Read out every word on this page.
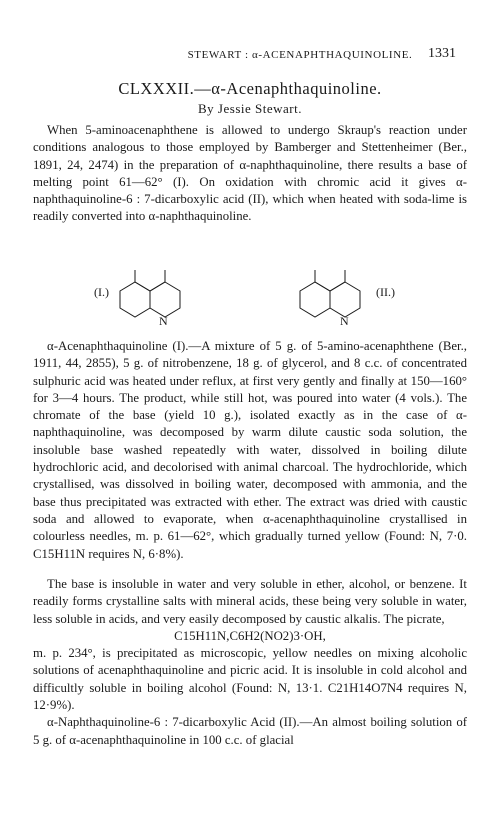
STEWART : α-ACENAPHTHAQUINOLINE.	1331
CLXXXII.—α-Acenaphthaquinoline.
By Jessie Stewart.

When 5-aminoacenaphthene is allowed to undergo Skraup's reaction under conditions analogous to those employed by Bamberger and Stettenheimer (Ber., 1891, 24, 2474) in the preparation of α-naphthaquinoline, there results a base of melting point 61—62° (I). On oxidation with chromic acid it gives α-naphthaquinoline-6 : 7-dicarboxylic acid (II), which when heated with soda-lime is readily converted into α-naphthaquinoline.

(I.)
N
(II.)
N

α-Acenaphthaquinoline (I).—A mixture of 5 g. of 5-amino-acenaphthene (Ber., 1911, 44, 2855), 5 g. of nitrobenzene, 18 g. of glycerol, and 8 c.c. of concentrated sulphuric acid was heated under reflux, at first very gently and finally at 150—160° for 3—4 hours. The product, while still hot, was poured into water (4 vols.). The chromate of the base (yield 10 g.), isolated exactly as in the case of α-naphthaquinoline, was decomposed by warm dilute caustic soda solution, the insoluble base washed repeatedly with water, dissolved in boiling dilute hydrochloric acid, and decolorised with animal charcoal. The hydrochloride, which crystallised, was dissolved in boiling water, decomposed with ammonia, and the base thus precipitated was extracted with ether. The extract was dried with caustic soda and allowed to evaporate, when α-acenaphthaquinoline crystallised in colourless needles, m. p. 61—62°, which gradually turned yellow (Found: N, 7·0. C15H11N requires N, 6·8%).

The base is insoluble in water and very soluble in ether, alcohol, or benzene. It readily forms crystalline salts with mineral acids, these being very soluble in water, less soluble in acids, and very easily decomposed by caustic alkalis. The picrate,

C15H11N,C6H2(NO2)3·OH,

m. p. 234°, is precipitated as microscopic, yellow needles on mixing alcoholic solutions of acenaphthaquinoline and picric acid. It is insoluble in cold alcohol and difficultly soluble in boiling alcohol (Found: N, 13·1. C21H14O7N4 requires N, 12·9%).

α-Naphthaquinoline-6 : 7-dicarboxylic Acid (II).—An almost boiling solution of 5 g. of α-acenaphthaquinoline in 100 c.c. of glacial
